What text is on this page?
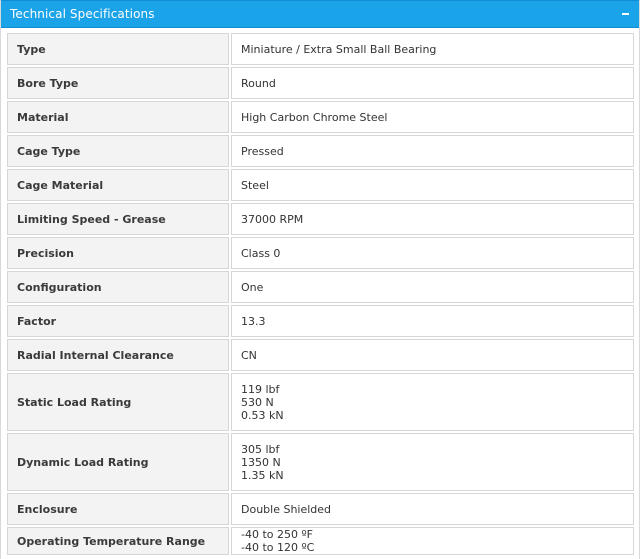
Technical Specifications
Type	Miniature / Extra Small Ball Bearing

Bore Type	Round

Material	High Carbon Chrome Steel

Cage Type	Pressed

Cage Material	Steel

Limiting Speed - Grease	37000 RPM

Precision	Class 0

Configuration	One

Factor	13.3

Radial Internal Clearance	CN

Static Load Rating	119 lbf
530 N
0.53 kN

Dynamic Load Rating	305 lbf
1350 N
1.35 kN

Enclosure	Double Shielded

Operating Temperature Range	-40 to 250 ºF
-40 to 120 ºC
